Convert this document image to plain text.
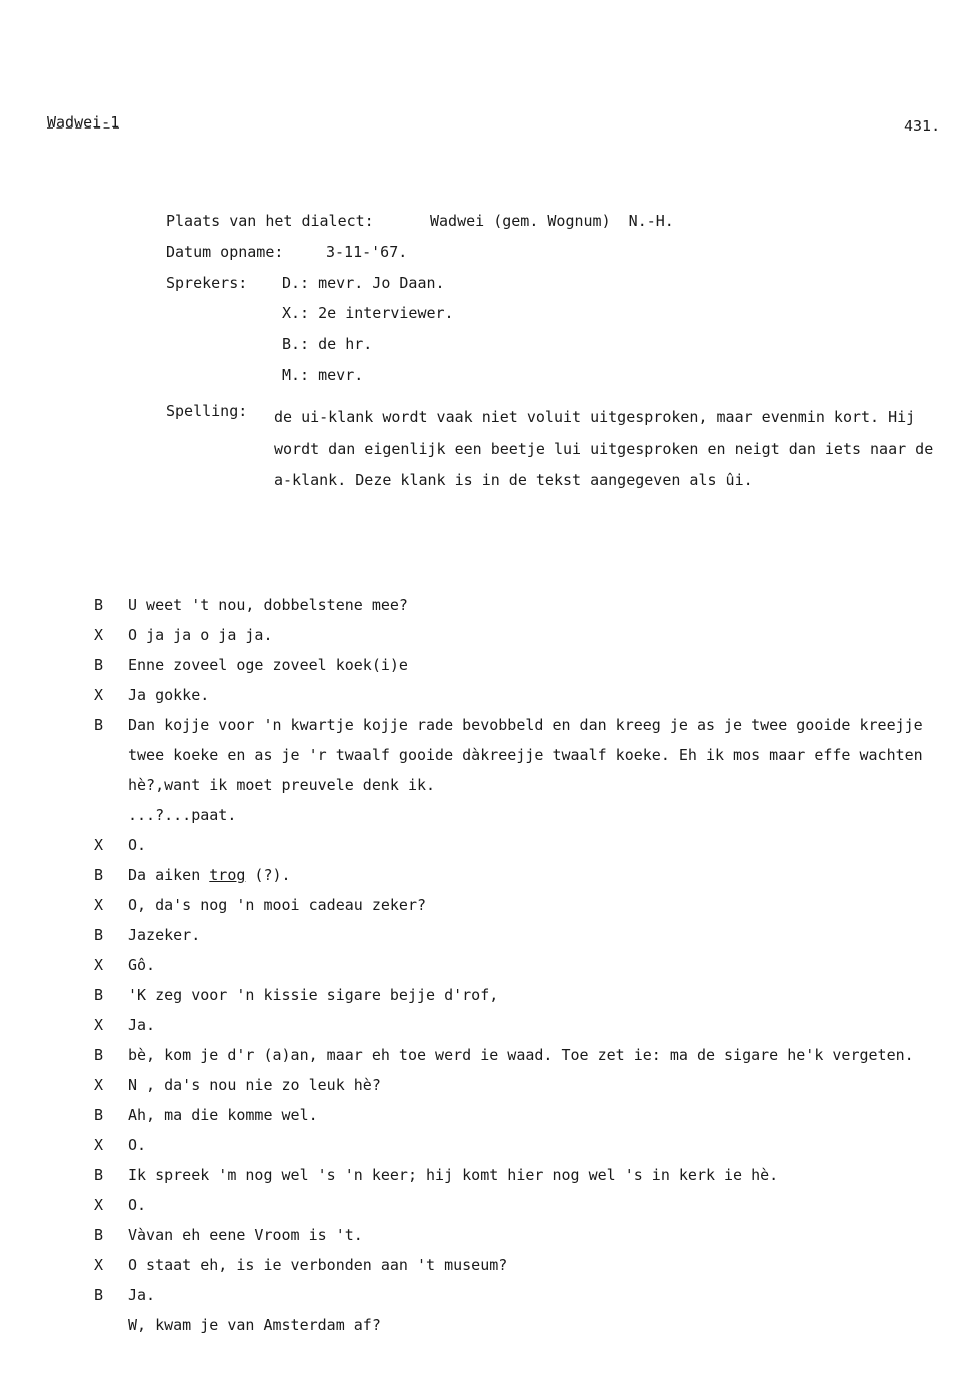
Wadwei-1	431.
Plaats van het dialect:	Wadwei (gem. Wognum)  N.-H.
Datum opname:	3-11-'67.
Sprekers: D.: mevr. Jo Daan.
X.: 2e interviewer.
B.: de hr.
M.: mevr.
Spelling: de ui-klank wordt vaak niet voluit uitgesproken, maar evenmin kort. Hij wordt dan eigenlijk een beetje lui uitgesproken en neigt dan iets naar de a-klank. Deze klank is in de tekst aangegeven als ûi.
B	U weet 't nou, dobbelstene mee?
X	O ja ja o ja ja.
B	Enne zoveel oge zoveel koek(i)e
X	Ja gokke.
B	Dan kojje voor 'n kwartje kojje rade bevobbeld en dan kreeg je as je twee gooide kreejje twee koeke en as je 'r twaalf gooide dàkreejje twaalf koeke. Eh ik mos maar effe wachten hè?,want ik moet preuvele denk ik.
...?...paat.
X	O.
B	Da aiken trog (?).
X	O, da's nog 'n mooi cadeau zeker?
B	Jazeker.
X	Gô.
B	'K zeg voor 'n kissie sigare bejje d'rof,
X	Ja.
B	bè, kom je d'r (a)an, maar eh toe werd ie waad. Toe zet ie: ma de sigare he'k vergeten.
X	N , da's nou nie zo leuk hè?
B	Ah, ma die komme wel.
X	O.
B	Ik spreek 'm nog wel 's 'n keer; hij komt hier nog wel 's in kerk ie hè.
X	O.
B	Vàvan eh eene Vroom is 't.
X	O staat eh, is ie verbonden aan 't museum?
B	Ja.
W, kwam je van Amsterdam af?
